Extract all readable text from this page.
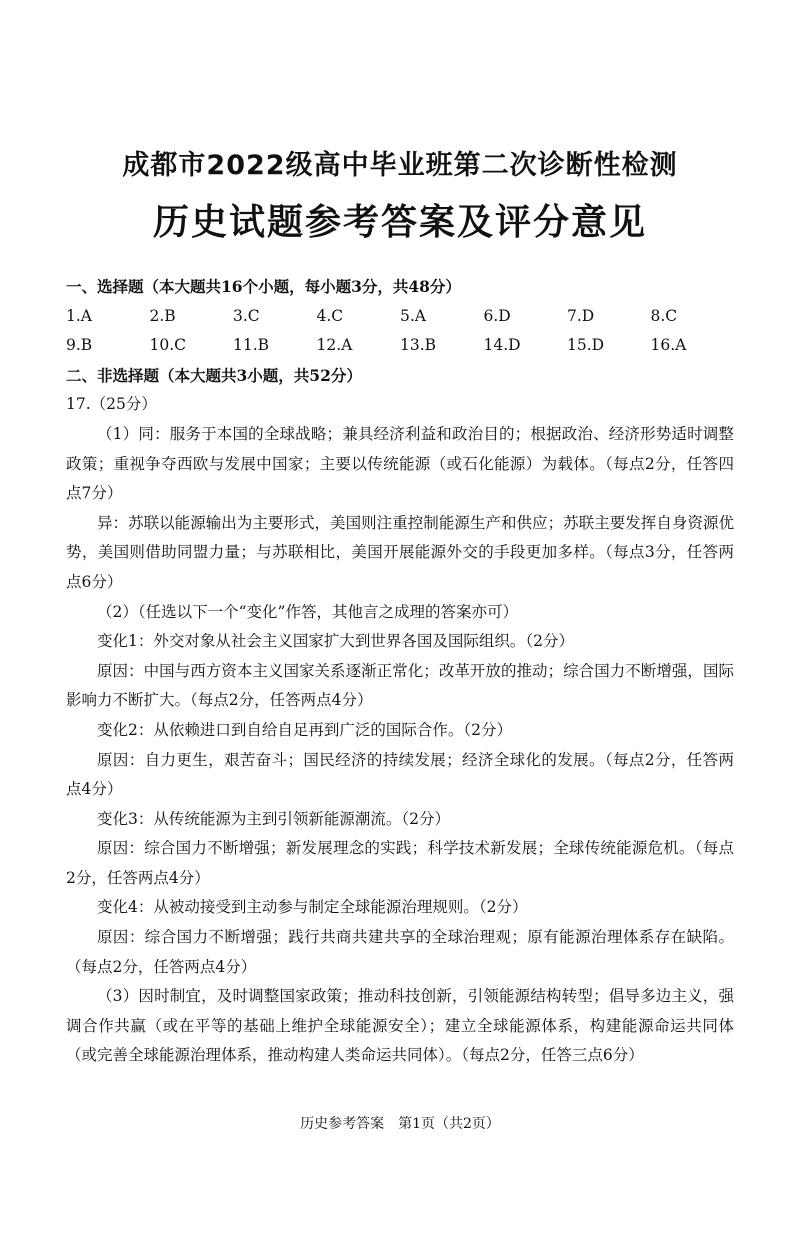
成都市2022级高中毕业班第二次诊断性检测
历史试题参考答案及评分意见

一、选择题（本大题共16个小题，每小题3分，共48分）

1.A	2.B	3.C	4.C	5.A	6.D	7.D	8.C
9.B	10.C	11.B	12.A	13.B	14.D	15.D	16.A

二、非选择题（本大题共3小题，共52分）

17.（25分）

（1）同：服务于本国的全球战略；兼具经济利益和政治目的；根据政治、经济形势适时调整政策；重视争夺西欧与发展中国家；主要以传统能源（或石化能源）为载体。（每点2分，任答四点7分）

异：苏联以能源输出为主要形式，美国则注重控制能源生产和供应；苏联主要发挥自身资源优势，美国则借助同盟力量；与苏联相比，美国开展能源外交的手段更加多样。（每点3分，任答两点6分）

（2）（任选以下一个“变化”作答，其他言之成理的答案亦可）

变化1：外交对象从社会主义国家扩大到世界各国及国际组织。（2分）

原因：中国与西方资本主义国家关系逐渐正常化；改革开放的推动；综合国力不断增强，国际影响力不断扩大。（每点2分，任答两点4分）

变化2：从依赖进口到自给自足再到广泛的国际合作。（2分）

原因：自力更生，艰苦奋斗；国民经济的持续发展；经济全球化的发展。（每点2分，任答两点4分）

变化3：从传统能源为主到引领新能源潮流。（2分）

原因：综合国力不断增强；新发展理念的实践；科学技术新发展；全球传统能源危机。（每点2分，任答两点4分）

变化4：从被动接受到主动参与制定全球能源治理规则。（2分）

原因：综合国力不断增强；践行共商共建共享的全球治理观；原有能源治理体系存在缺陷。（每点2分，任答两点4分）

（3）因时制宜，及时调整国家政策；推动科技创新，引领能源结构转型；倡导多边主义，强调合作共赢（或在平等的基础上维护全球能源安全）；建立全球能源体系，构建能源命运共同体（或完善全球能源治理体系，推动构建人类命运共同体）。（每点2分，任答三点6分）

历史参考答案　第1页（共2页）
